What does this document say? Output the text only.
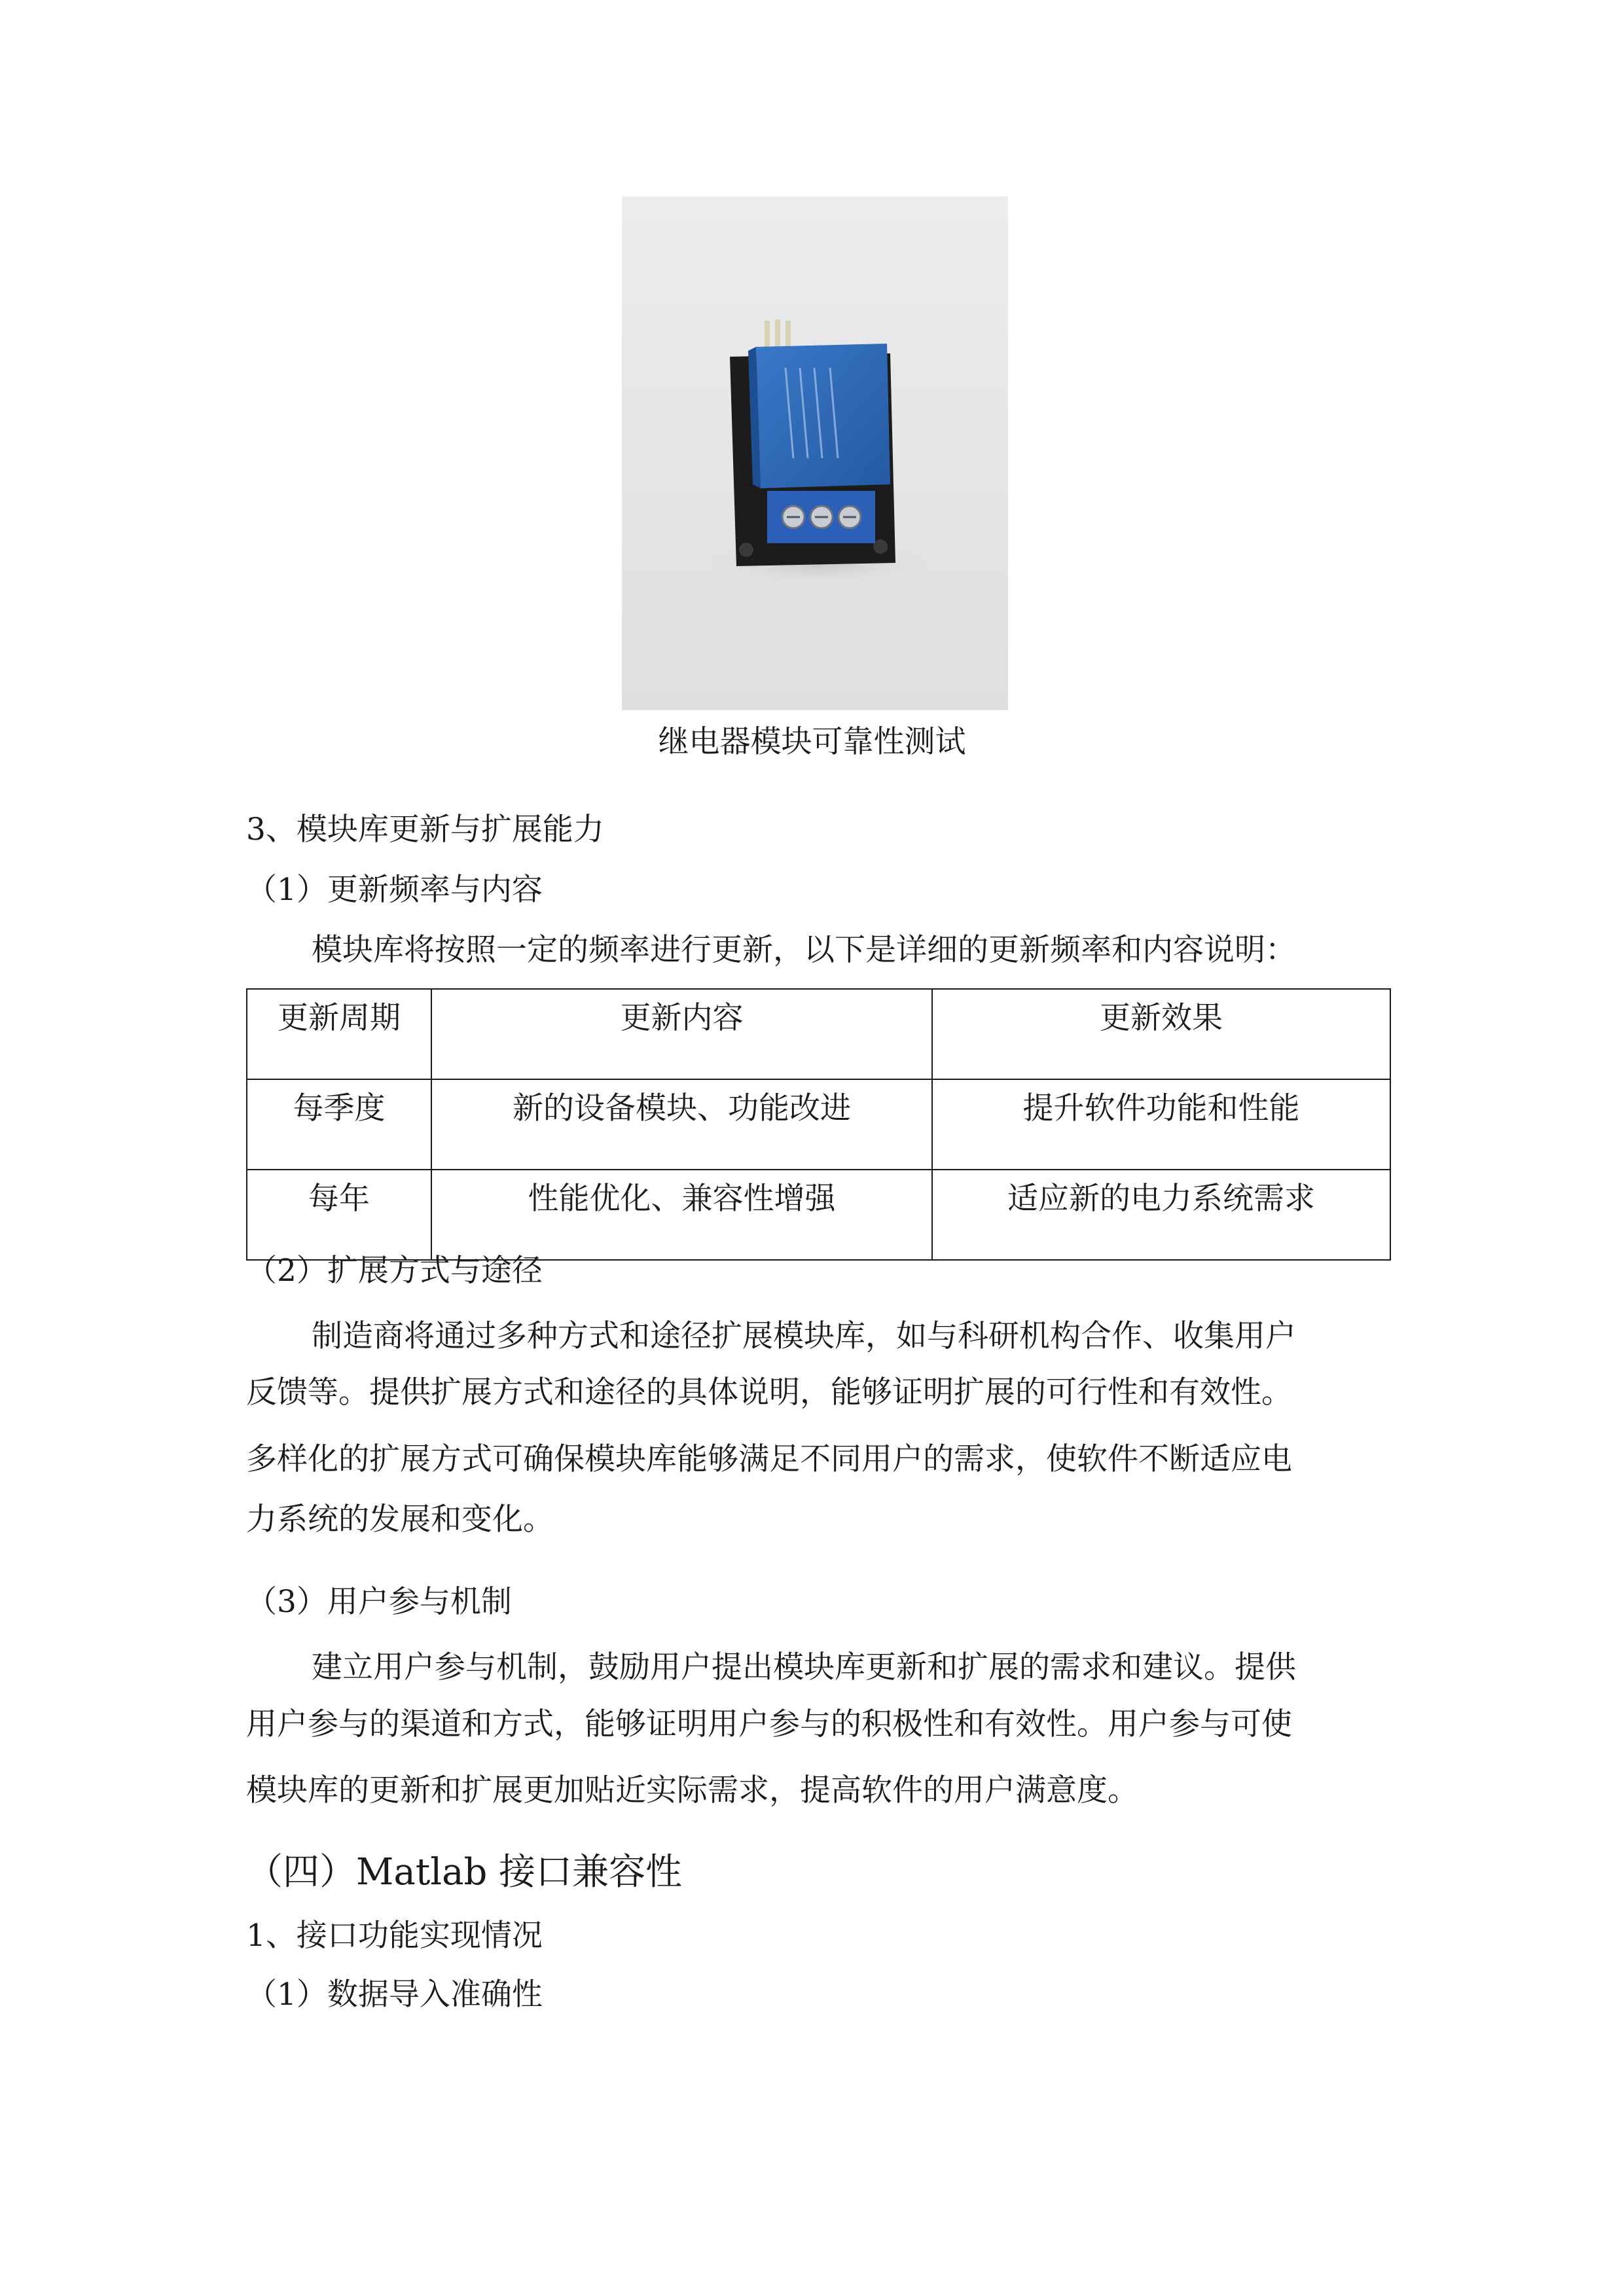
继电器模块可靠性测试
3、模块库更新与扩展能力
（1）更新频率与内容
模块库将按照一定的频率进行更新，以下是详细的更新频率和内容说明：
更新周期	更新内容	更新效果
每季度	新的设备模块、功能改进	提升软件功能和性能
每年	性能优化、兼容性增强	适应新的电力系统需求
（2）扩展方式与途径
制造商将通过多种方式和途径扩展模块库，如与科研机构合作、收集用户
反馈等。提供扩展方式和途径的具体说明，能够证明扩展的可行性和有效性。
多样化的扩展方式可确保模块库能够满足不同用户的需求，使软件不断适应电
力系统的发展和变化。
（3）用户参与机制
建立用户参与机制，鼓励用户提出模块库更新和扩展的需求和建议。提供
用户参与的渠道和方式，能够证明用户参与的积极性和有效性。用户参与可使
模块库的更新和扩展更加贴近实际需求，提高软件的用户满意度。
（四）Matlab 接口兼容性
1、接口功能实现情况
（1）数据导入准确性
